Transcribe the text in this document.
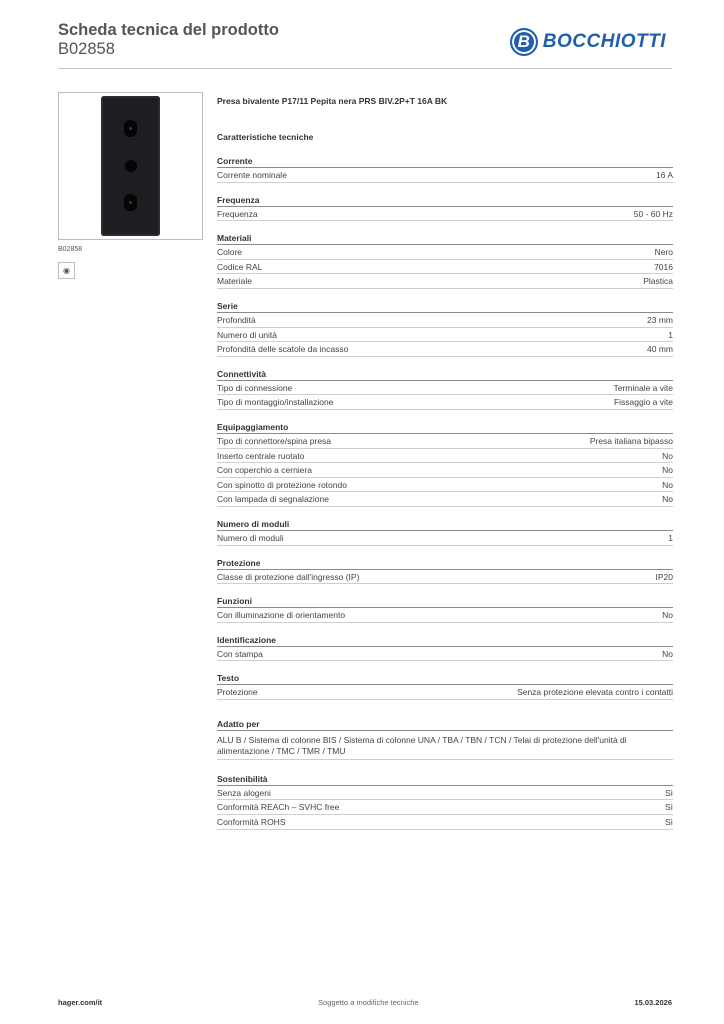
Scheda tecnica del prodotto
B02858	B BOCCHIOTTI
B02858
◉
Presa bivalente P17/11 Pepita nera PRS BIV.2P+T 16A BK
Caratteristiche tecniche
Corrente
Corrente nominale	16 A
Frequenza
Frequenza	50 - 60 Hz
Materiali
Colore	Nero
Codice RAL	7016
Materiale	Plastica
Serie
Profondità	23 mm
Numero di unità	1
Profondità delle scatole da incasso	40 mm
Connettività
Tipo di connessione	Terminale a vite
Tipo di montaggio/installazione	Fissaggio a vite
Equipaggiamento
Tipo di connettore/spina presa	Presa italiana bipasso
Inserto centrale ruotato	No
Con coperchio a cerniera	No
Con spinotto di protezione rotondo	No
Con lampada di segnalazione	No
Numero di moduli
Numero di moduli	1
Protezione
Classe di protezione dall'ingresso (IP)	IP20
Funzioni
Con illuminazione di orientamento	No
Identificazione
Con stampa	No
Testo
Protezione	Senza protezione elevata contro i contatti
Adatto per
ALU B / Sistema di colonne BIS / Sistema di colonne UNA / TBA / TBN / TCN / Telai di protezione dell'unità di alimentazione / TMC / TMR / TMU
Sostenibilità
Senza alogeni	Sì
Conformità REACh – SVHC free	Sì
Conformità ROHS	Sì
hager.com/it	Soggetto a modifiche tecniche	15.03.2026
